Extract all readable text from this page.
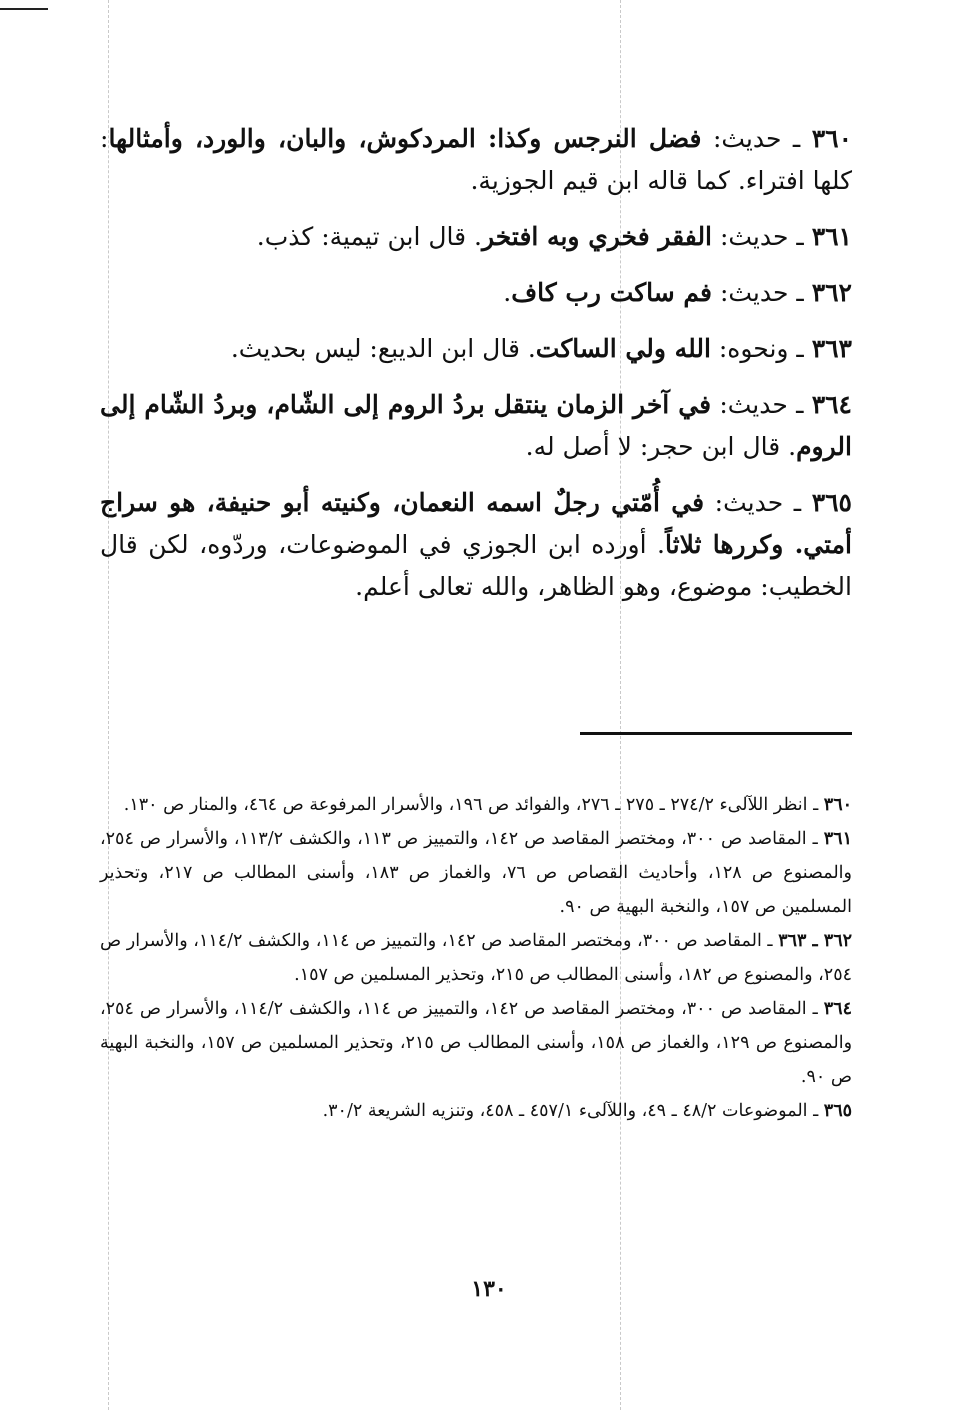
٣٦٠ ـ حديث: فضل النرجس وكذا: المردكوش، والبان، والورد، وأمثالها: كلها افتراء. كما قاله ابن قيم الجوزية.

٣٦١ ـ حديث: الفقر فخري وبه افتخر. قال ابن تيمية: كذب.

٣٦٢ ـ حديث: فم ساكت رب كاف.

٣٦٣ ـ ونحوه: الله ولي الساكت. قال ابن الديبع: ليس بحديث.

٣٦٤ ـ حديث: في آخر الزمان ينتقل بردُ الروم إلى الشّام، وبردُ الشّام إلى الروم. قال ابن حجر: لا أصل له.

٣٦٥ ـ حديث: في أُمّتي رجلٌ اسمه النعمان، وكنيته أبو حنيفة، هو سراج أمتي. وكررها ثلاثاً. أورده ابن الجوزي في الموضوعات، وردّوه، لكن قال الخطيب: موضوع، وهو الظاهر، والله تعالى أعلم.

٣٦٠ ـ انظر اللآلىء ٢٧٤/٢ ـ ٢٧٥ ـ ٢٧٦، والفوائد ص ١٩٦، والأسرار المرفوعة ص ٤٦٤، والمنار ص ١٣٠.

٣٦١ ـ المقاصد ص ٣٠٠، ومختصر المقاصد ص ١٤٢، والتمييز ص ١١٣، والكشف ١١٣/٢، والأسرار ص ٢٥٤، والمصنوع ص ١٢٨، وأحاديث القصاص ص ٧٦، والغماز ص ١٨٣، وأسنى المطالب ص ٢١٧، وتحذير المسلمين ص ١٥٧، والنخبة البهية ص ٩٠.

٣٦٢ ـ ٣٦٣ ـ المقاصد ص ٣٠٠، ومختصر المقاصد ص ١٤٢، والتمييز ص ١١٤، والكشف ١١٤/٢، والأسرار ص ٢٥٤، والمصنوع ص ١٨٢، وأسنى المطالب ص ٢١٥، وتحذير المسلمين ص ١٥٧.

٣٦٤ ـ المقاصد ص ٣٠٠، ومختصر المقاصد ص ١٤٢، والتمييز ص ١١٤، والكشف ١١٤/٢، والأسرار ص ٢٥٤، والمصنوع ص ١٢٩، والغماز ص ١٥٨، وأسنى المطالب ص ٢١٥، وتحذير المسلمين ص ١٥٧، والنخبة البهية ص ٩٠.

٣٦٥ ـ الموضوعات ٤٨/٢ ـ ٤٩، واللآلىء ٤٥٧/١ ـ ٤٥٨، وتنزيه الشريعة ٣٠/٢.

١٣٠
